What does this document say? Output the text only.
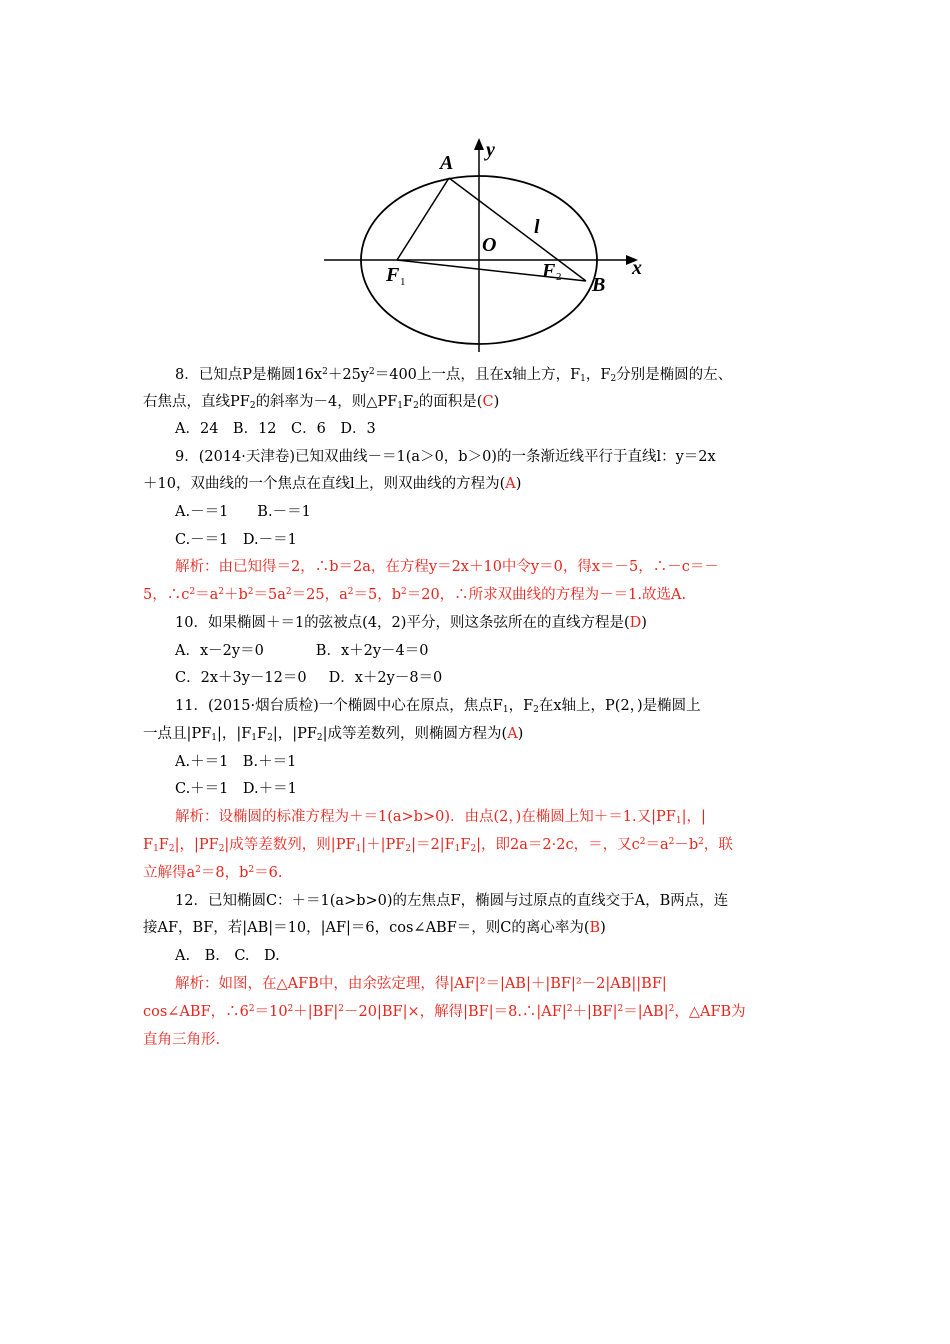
A
B
O
l
x
y
F 1	F 2
8．已知点P是椭圆$16x^2+25y^2=400$上一点，且在x轴上方，$F_1$，$F_2$分别是椭圆的左、
右焦点，直线$PF_2$的斜率为－4，则$\triangle PF_1F_2$的面积是(C)
A．24　B．12　C．6　D．3
9．(2014·天津卷)已知双曲线－＝1(a＞0，b＞0)的一条渐近线平行于直线l：y＝2x
＋10，双曲线的一个焦点在直线l上，则双曲线的方程为(A)
A.－＝1　　B.－＝1
C.－＝1　D.－＝1
解析：由已知得＝2，∴b＝2a，在方程y＝2x＋10中令y＝0，得x＝－5，∴－c＝－
5，$\therefore c^2=a^2+b^2=5a^2=25$，$a^2=5$，$b^2=20$，∴所求双曲线的方程为－＝1.故选A.
10．如果椭圆＋＝1的弦被点(4，2)平分，则这条弦所在的直线方程是(D)
A．x－2y＝0	B．x＋2y－4＝0
C．2x＋3y－12＝0 D．x＋2y－8＝0
11．(2015·烟台质检)一个椭圆中心在原点，焦点$F_1$，$F_2$在x轴上，P(2，)是椭圆上
一点且$|PF_1|$，$|F_1F_2|$，$|PF_2|$成等差数列，则椭圆方程为(A)
A.＋＝1　B.＋＝1
C.＋＝1　D.＋＝1
解析：设椭圆的标准方程为＋＝1(a>b>0)．由点(2，)在椭圆上知＋＝1.又$|PF_1|$，|
$F_1F_2|$，$|PF_2|$成等差数列，则$|PF_1|+|PF_2|=2|F_1F_2|$，即2a＝2·2c，＝，又$c^2=a^2-b^2$，联
立解得$a^2=8$，$b^2=6$.
12．已知椭圆C：＋＝1(a>b>0)的左焦点F，椭圆与过原点的直线交于A，B两点，连
接AF，BF，若|AB|＝10，|AF|＝6，cos∠ABF＝，则C的离心率为(B)
A.　B.　C.　D.
解析：如图，在△AFB中，由余弦定理，得|AF|²＝|AB|＋|BF|²－2|AB||BF|
cos∠ABF，$\therefore 6^2=10^2+|BF|^2-20|BF|\times$，解得$|BF|=8.\therefore|AF|^2+|BF|^2=|AB|^2$，△AFB为
直角三角形.
